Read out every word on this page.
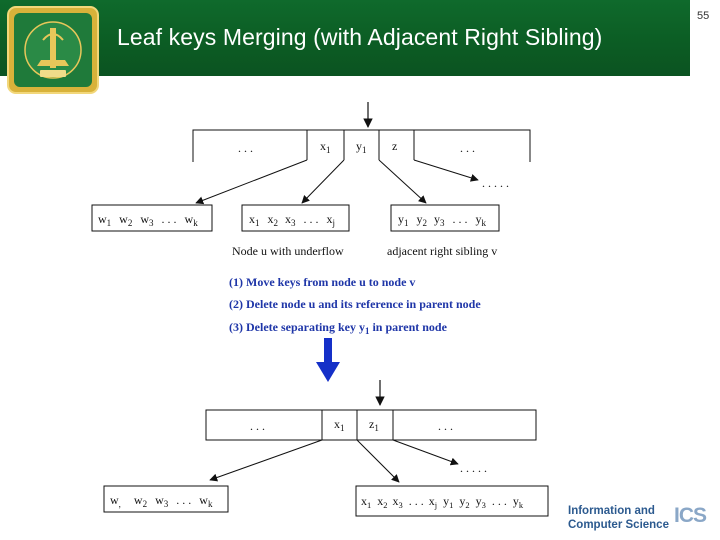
Leaf keys Merging (with Adjacent Right Sibling)
55
. . .	$x_1$ $y_1$ z	. . .
. . . . .
$w_1$ $w_2$ $w_3$ . . . $w_k$	$x_1$ $x_2$ $x_3$ . . . $x_j$	$y_1$ $y_2$ $y_3$ . . . $y_k$
Node u with underflow	adjacent right sibling v
(1) Move keys from node u to node v
(2) Delete node u and its reference in parent node
(3) Delete separating key $y_1$ in parent node
. . .	$x_1$ $z_1$	. . .
. . . . .
$w_,$ $w_2$ $w_3$ . . . $w_k$	$x_1$ $x_2$ $x_3$ . . . $x_j$ $y_1$ $y_2$ $y_3$ . . . $y_k$	Information and
Computer Science ICS
